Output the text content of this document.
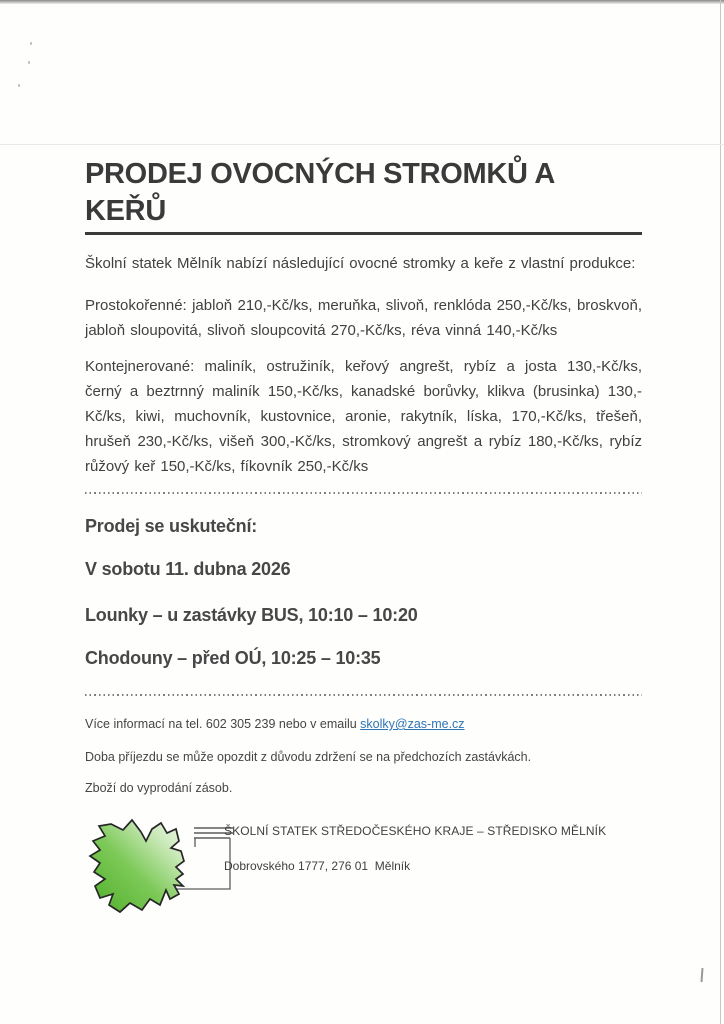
PRODEJ OVOCNÝCH STROMKŮ A KEŘŮ

Školní statek Mělník nabízí následující ovocné stromky a keře z vlastní produkce:

Prostokořenné: jabloň 210,-Kč/ks, meruňka, slivoň, renklóda 250,-Kč/ks, broskvoň, jabloň sloupovitá, slivoň sloupcovitá 270,-Kč/ks, réva vinná 140,-Kč/ks

Kontejnerované: maliník, ostružiník, keřový angrešt, rybíz a josta 130,-Kč/ks, černý a beztrnný maliník 150,-Kč/ks, kanadské borůvky, klikva (brusinka) 130,-Kč/ks, kiwi, muchovník, kustovnice, aronie, rakytník, líska, 170,-Kč/ks, třešeň, hrušeň 230,-Kč/ks, višeň 300,-Kč/ks, stromkový angrešt a rybíz 180,-Kč/ks, rybíz růžový keř 150,-Kč/ks, fíkovník 250,-Kč/ks

Prodej se uskuteční:

V sobotu 11. dubna 2026

Lounky – u zastávky BUS, 10:10 – 10:20

Chodouny – před OÚ, 10:25 – 10:35

Více informací na tel. 602 305 239 nebo v emailu skolky@zas-me.cz

Doba příjezdu se může opozdit z důvodu zdržení se na předchozích zastávkách.

Zboží do vyprodání zásob.

ŠKOLNÍ STATEK STŘEDOČESKÉHO KRAJE – STŘEDISKO MĚLNÍK

Dobrovského 1777, 276 01  Mělník
